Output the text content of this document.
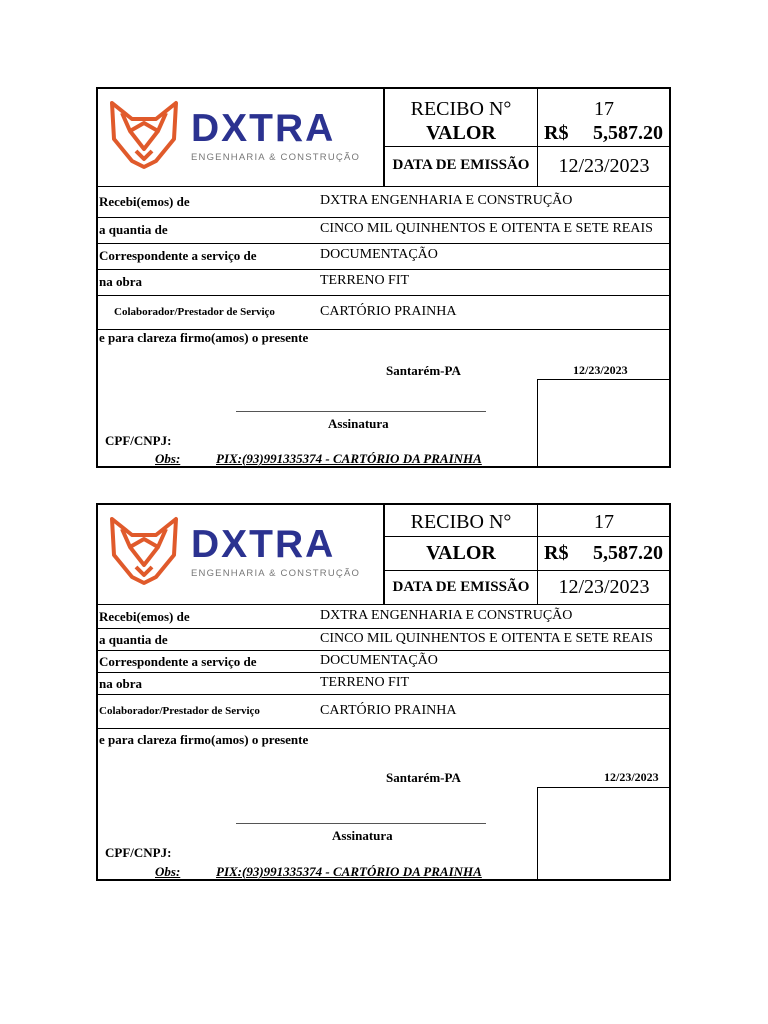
DXTRA
ENGENHARIA & CONSTRUÇÃO
RECIBO N°	17
VALOR	R$ 5,587.20
DATA DE EMISSÃO	12/23/2023
Recebi(emos) de	DXTRA ENGENHARIA E CONSTRUÇÃO
a quantia de	CINCO MIL QUINHENTOS E OITENTA E SETE REAIS
Correspondente a serviço de	DOCUMENTAÇÃO
na obra	TERRENO FIT
Colaborador/Prestador de Serviço	CARTÓRIO PRAINHA
e para clareza firmo(amos) o presente
Santarém-PA	12/23/2023
Assinatura
CPF/CNPJ:
Obs:	PIX:(93)991335374 - CARTÓRIO DA PRAINHA
DXTRA
ENGENHARIA & CONSTRUÇÃO
RECIBO N°	17
VALOR	R$ 5,587.20
DATA DE EMISSÃO	12/23/2023
Recebi(emos) de	DXTRA ENGENHARIA E CONSTRUÇÃO
a quantia de	CINCO MIL QUINHENTOS E OITENTA E SETE REAIS
Correspondente a serviço de	DOCUMENTAÇÃO
na obra	TERRENO FIT
Colaborador/Prestador de Serviço	CARTÓRIO PRAINHA
e para clareza firmo(amos) o presente
Santarém-PA	12/23/2023
Assinatura
CPF/CNPJ:
Obs:	PIX:(93)991335374 - CARTÓRIO DA PRAINHA
